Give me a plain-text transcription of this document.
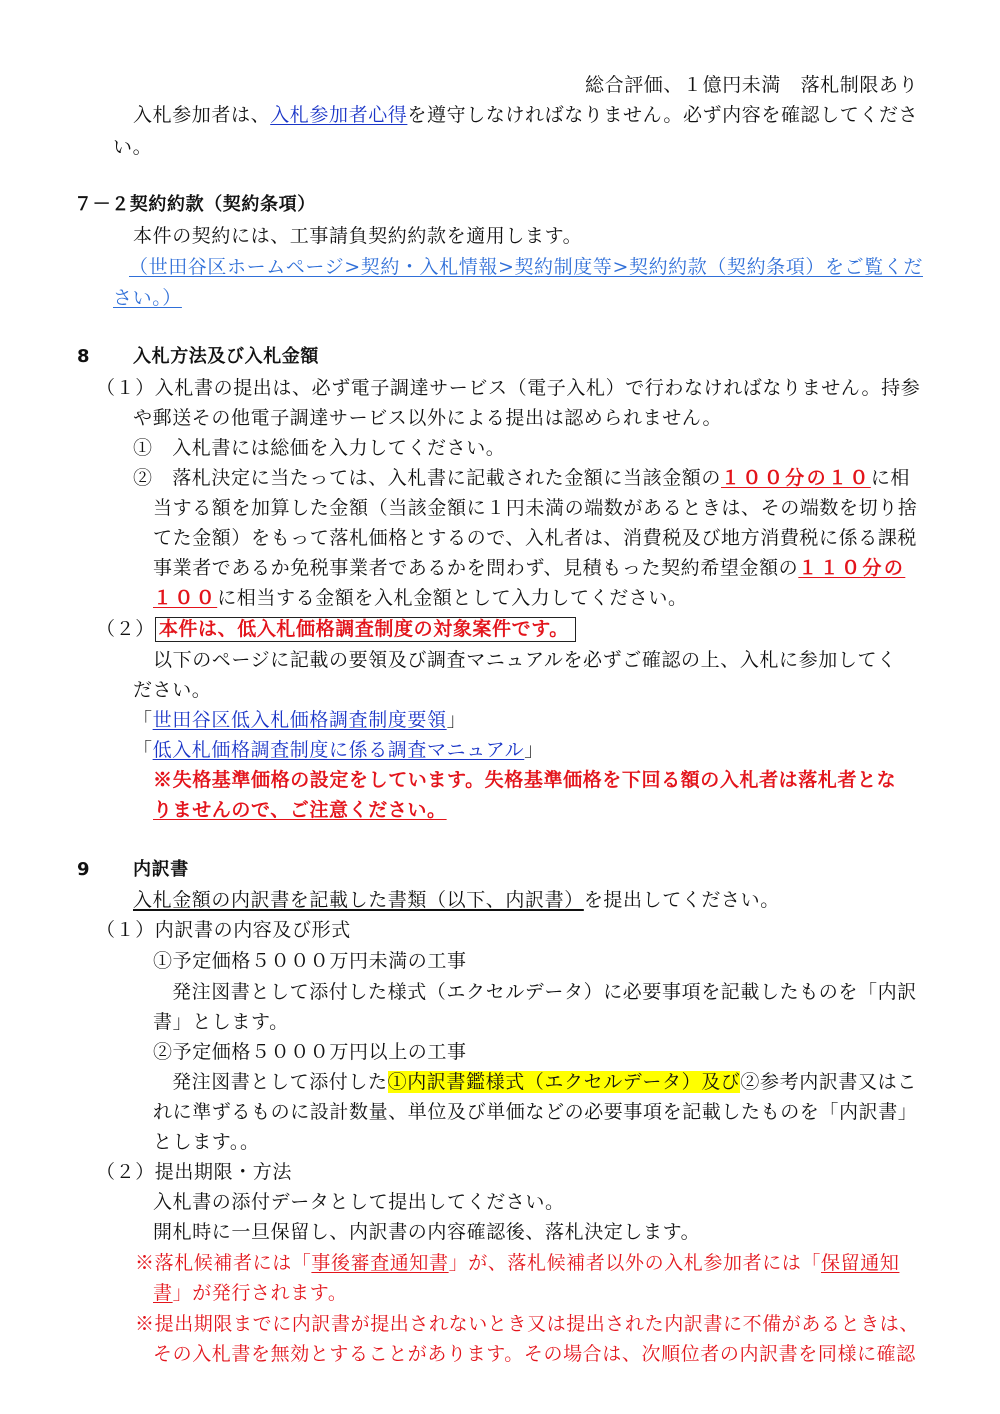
総合評価、１億円未満　落札制限あり
入札参加者は、入札参加者心得を遵守しなければなりません。必ず内容を確認してくださ
い。
７－２契約約款（契約条項）
本件の契約には、工事請負契約約款を適用します。
（世田谷区ホームページ>契約・入札情報>契約制度等>契約約款（契約条項）をご覧くだ
さい。）
8 入札方法及び入札金額
（１）入札書の提出は、必ず電子調達サービス（電子入札）で行わなければなりません。持参
や郵送その他電子調達サービス以外による提出は認められません。
①　入札書には総価を入力してください。
②　落札決定に当たっては、入札書に記載された金額に当該金額の１００分の１０に相
当する額を加算した金額（当該金額に１円未満の端数があるときは、その端数を切り捨
てた金額）をもって落札価格とするので、入札者は、消費税及び地方消費税に係る課税
事業者であるか免税事業者であるかを問わず、見積もった契約希望金額の１１０分の
１００に相当する金額を入札金額として入力してください。
（２） 本件は、低入札価格調査制度の対象案件です。
以下のページに記載の要領及び調査マニュアルを必ずご確認の上、入札に参加してく
ださい。
「世田谷区低入札価格調査制度要領」
「低入札価格調査制度に係る調査マニュアル」
※失格基準価格の設定をしています。失格基準価格を下回る額の入札者は落札者とな
りませんので、ご注意ください。
9 内訳書
入札金額の内訳書を記載した書類（以下、内訳書）を提出してください。
（１）内訳書の内容及び形式
①予定価格５０００万円未満の工事
発注図書として添付した様式（エクセルデータ）に必要事項を記載したものを「内訳
書」とします。
②予定価格５０００万円以上の工事
発注図書として添付した①内訳書鑑様式（エクセルデータ）及び②参考内訳書又はこ
れに準ずるものに設計数量、単位及び単価などの必要事項を記載したものを「内訳書」
とします。。
（２）提出期限・方法
入札書の添付データとして提出してください。
開札時に一旦保留し、内訳書の内容確認後、落札決定します。
※落札候補者には「事後審査通知書」が、落札候補者以外の入札参加者には「保留通知
書」が発行されます。
※提出期限までに内訳書が提出されないとき又は提出された内訳書に不備があるときは、
その入札書を無効とすることがあります。その場合は、次順位者の内訳書を同様に確認
